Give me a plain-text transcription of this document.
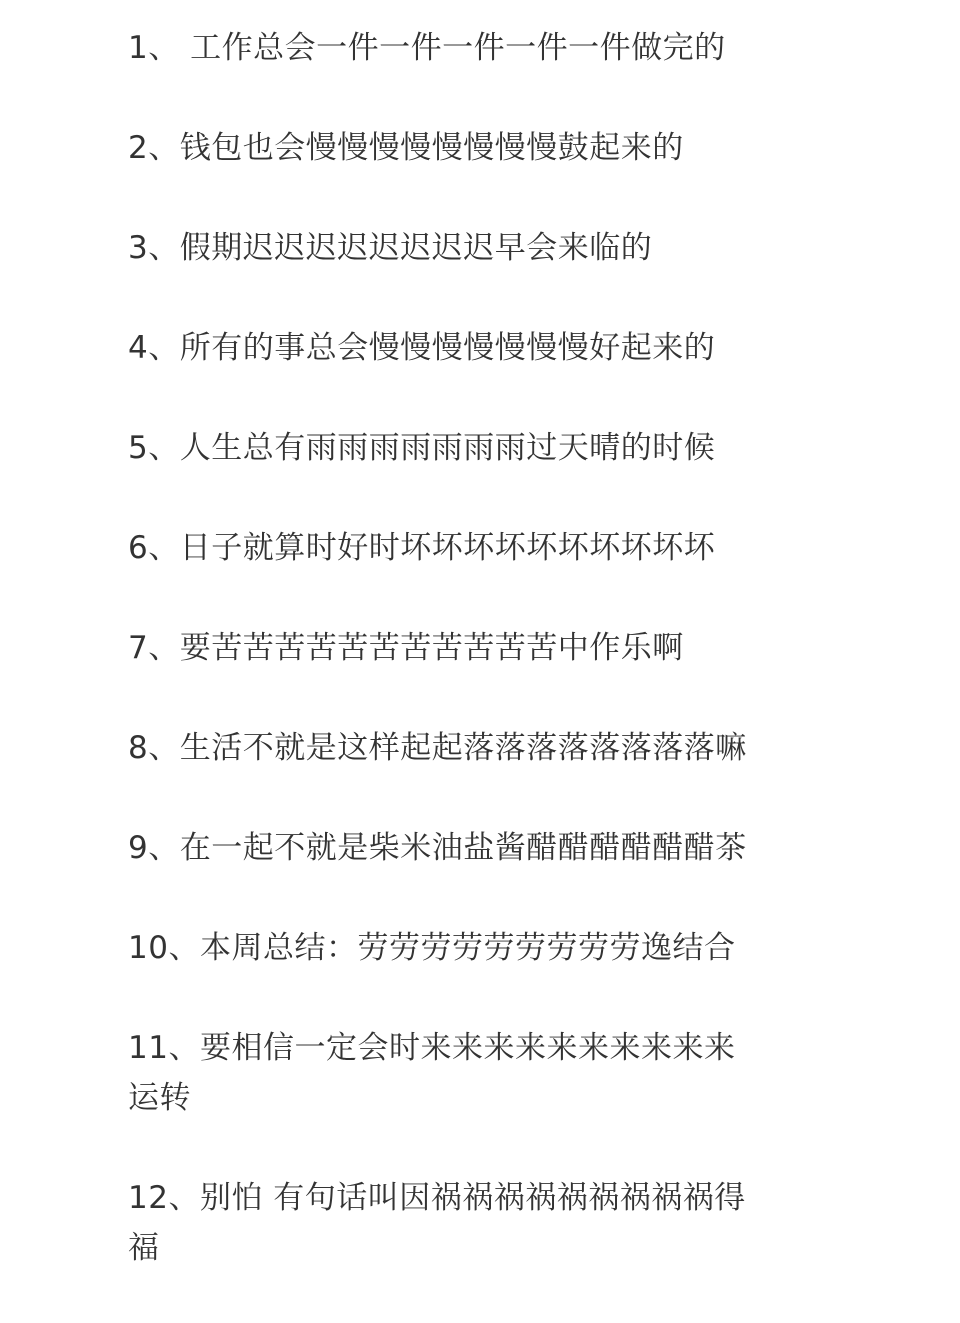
1、 工作总会一件一件一件一件一件做完的
2、钱包也会慢慢慢慢慢慢慢慢鼓起来的
3、假期迟迟迟迟迟迟迟迟早会来临的
4、所有的事总会慢慢慢慢慢慢慢好起来的
5、人生总有雨雨雨雨雨雨雨过天晴的时候
6、日子就算时好时坏坏坏坏坏坏坏坏坏坏
7、要苦苦苦苦苦苦苦苦苦苦苦中作乐啊
8、生活不就是这样起起落落落落落落落落嘛
9、在一起不就是柴米油盐酱醋醋醋醋醋醋茶
10、本周总结：劳劳劳劳劳劳劳劳劳逸结合
11、要相信一定会时来来来来来来来来来来
运转
12、别怕 有句话叫因祸祸祸祸祸祸祸祸祸得
福
